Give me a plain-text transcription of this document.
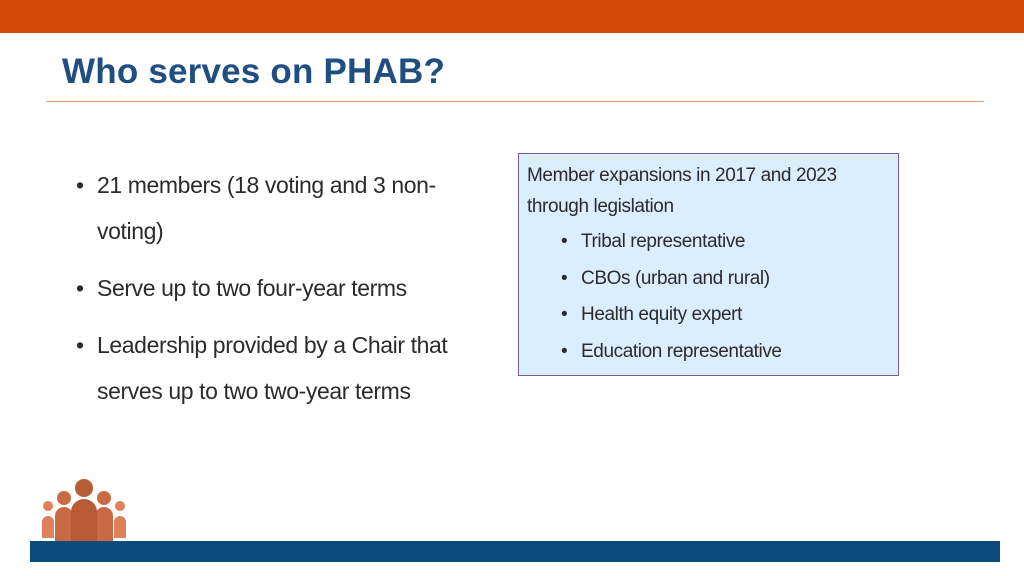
Who serves on PHAB?
• 21 members (18 voting and 3 non-voting)
• Serve up to two four-year terms
• Leadership provided by a Chair that serves up to two two-year terms

Member expansions in 2017 and 2023 through legislation

• Tribal representative
• CBOs (urban and rural)
• Health equity expert
• Education representative
